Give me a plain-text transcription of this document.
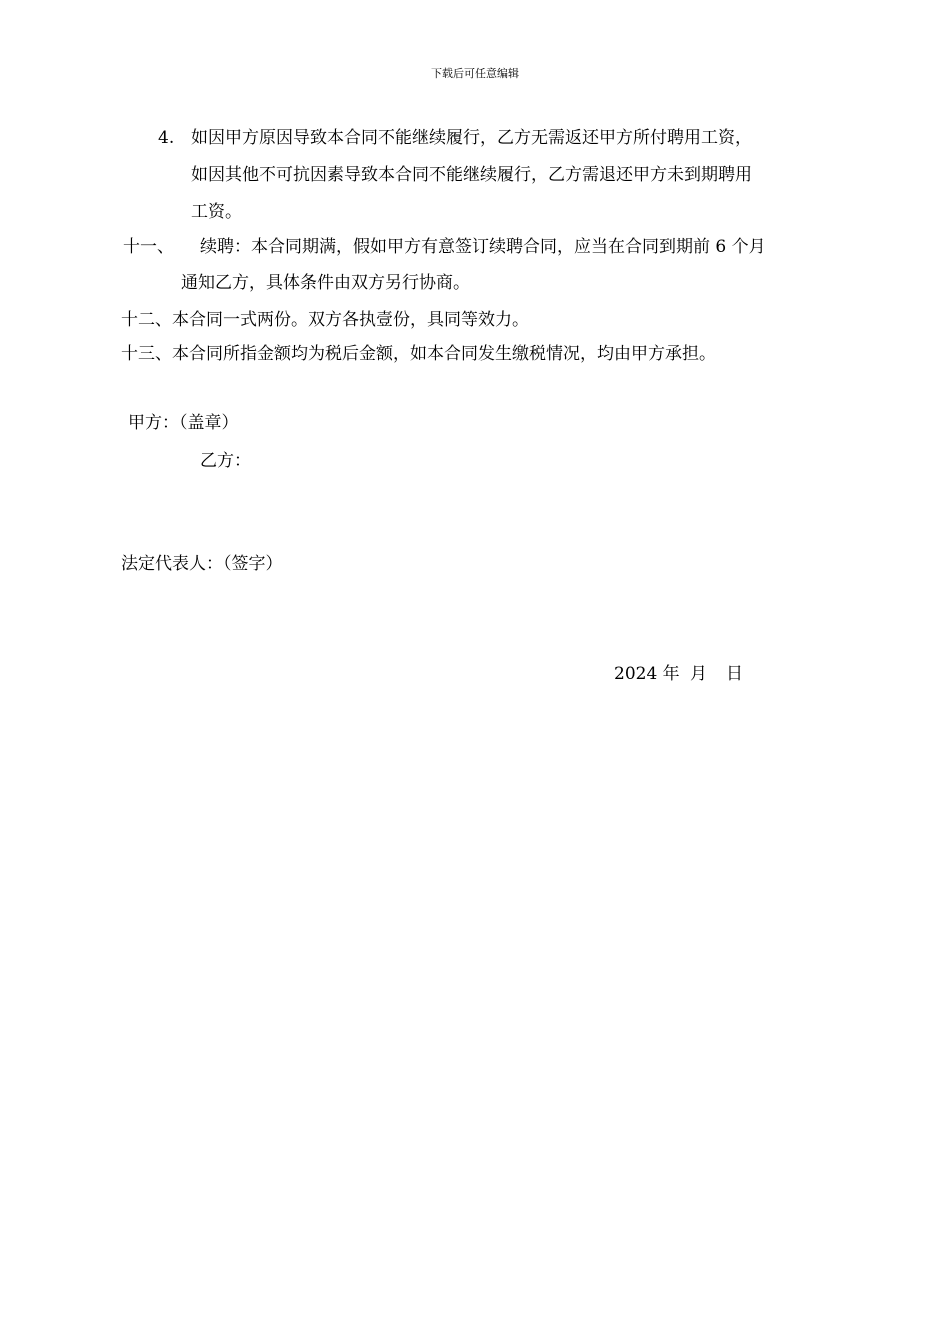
下载后可任意编辑
4. 如因甲方原因导致本合同不能继续履行，乙方无需返还甲方所付聘用工资，
如因其他不可抗因素导致本合同不能继续履行，乙方需退还甲方未到期聘用
工资。
十一、 续聘：本合同期满，假如甲方有意签订续聘合同，应当在合同到期前 6 个月
通知乙方，具体条件由双方另行协商。
十二、本合同一式两份。双方各执壹份，具同等效力。
十三、本合同所指金额均为税后金额，如本合同发生缴税情况，均由甲方承担。
甲方：（盖章）
乙方：
法定代表人：（签字）
2024 年 月 日
